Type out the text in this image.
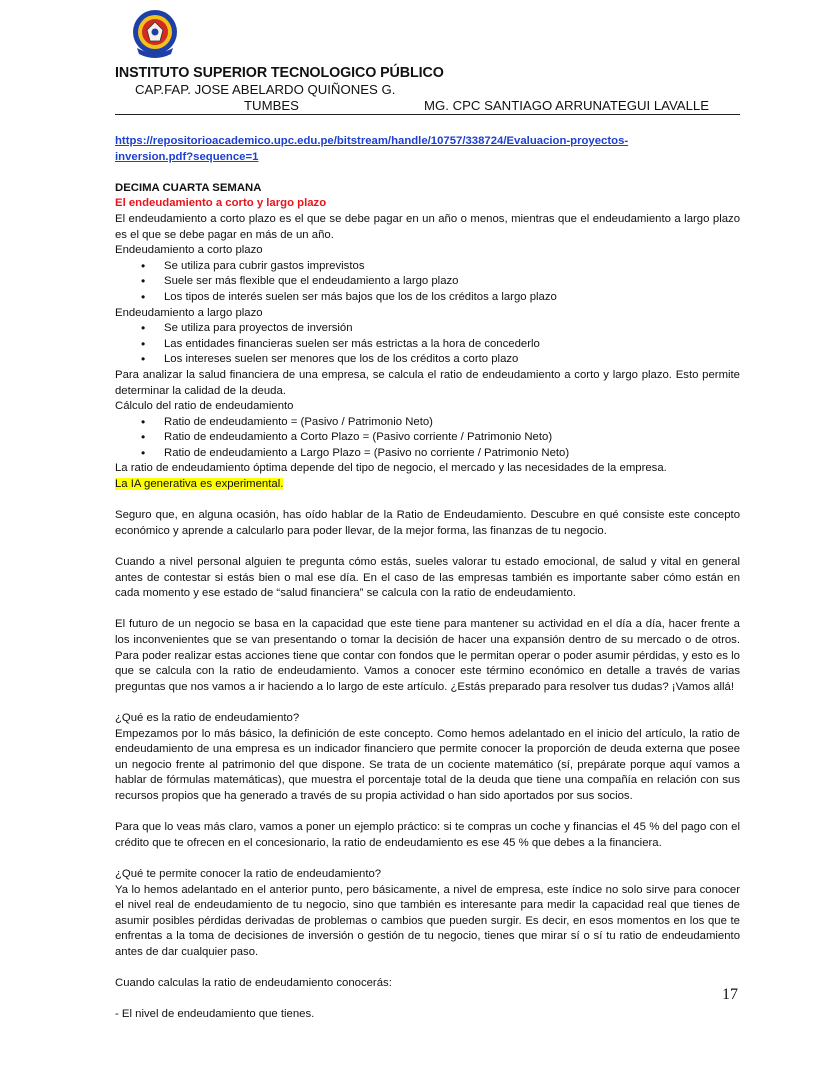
INSTITUTO SUPERIOR TECNOLOGICO PÚBLICO
CAP.FAP. JOSE ABELARDO QUIÑONES G.
TUMBES	MG. CPC SANTIAGO ARRUNATEGUI LAVALLE
https://repositorioacademico.upc.edu.pe/bitstream/handle/10757/338724/Evaluacion-proyectos-
inversion.pdf?sequence=1

DECIMA CUARTA SEMANA

El endeudamiento a corto y largo plazo

El endeudamiento a corto plazo es el que se debe pagar en un año o menos, mientras que el endeudamiento a largo plazo es el que se debe pagar en más de un año.

Endeudamiento a corto plazo

• Se utiliza para cubrir gastos imprevistos
• Suele ser más flexible que el endeudamiento a largo plazo
• Los tipos de interés suelen ser más bajos que los de los créditos a largo plazo

Endeudamiento a largo plazo

• Se utiliza para proyectos de inversión
• Las entidades financieras suelen ser más estrictas a la hora de concederlo
• Los intereses suelen ser menores que los de los créditos a corto plazo

Para analizar la salud financiera de una empresa, se calcula el ratio de endeudamiento a corto y largo plazo. Esto permite determinar la calidad de la deuda.

Cálculo del ratio de endeudamiento

• Ratio de endeudamiento = (Pasivo / Patrimonio Neto)
• Ratio de endeudamiento a Corto Plazo = (Pasivo corriente / Patrimonio Neto)
• Ratio de endeudamiento a Largo Plazo = (Pasivo no corriente / Patrimonio Neto)

La ratio de endeudamiento óptima depende del tipo de negocio, el mercado y las necesidades de la empresa.

La IA generativa es experimental.

Seguro que, en alguna ocasión, has oído hablar de la Ratio de Endeudamiento. Descubre en qué consiste este concepto económico y aprende a calcularlo para poder llevar, de la mejor forma, las finanzas de tu negocio.

Cuando a nivel personal alguien te pregunta cómo estás, sueles valorar tu estado emocional, de salud y vital en general antes de contestar si estás bien o mal ese día. En el caso de las empresas también es importante saber cómo están en cada momento y ese estado de “salud financiera” se calcula con la ratio de endeudamiento.

El futuro de un negocio se basa en la capacidad que este tiene para mantener su actividad en el día a día, hacer frente a los inconvenientes que se van presentando o tomar la decisión de hacer una expansión dentro de su mercado o de otros. Para poder realizar estas acciones tiene que contar con fondos que le permitan operar o poder asumir pérdidas, y esto es lo que se calcula con la ratio de endeudamiento. Vamos a conocer este término económico en detalle a través de varias preguntas que nos vamos a ir haciendo a lo largo de este artículo. ¿Estás preparado para resolver tus dudas? ¡Vamos allá!

¿Qué es la ratio de endeudamiento?

Empezamos por lo más básico, la definición de este concepto. Como hemos adelantado en el inicio del artículo, la ratio de endeudamiento de una empresa es un indicador financiero que permite conocer la proporción de deuda externa que posee un negocio frente al patrimonio del que dispone. Se trata de un cociente matemático (sí, prepárate porque aquí vamos a hablar de fórmulas matemáticas), que muestra el porcentaje total de la deuda que tiene una compañía en relación con sus recursos propios que ha generado a través de su propia actividad o han sido aportados por sus socios.

Para que lo veas más claro, vamos a poner un ejemplo práctico: si te compras un coche y financias el 45 % del pago con el crédito que te ofrecen en el concesionario, la ratio de endeudamiento es ese 45 % que debes a la financiera.

¿Qué te permite conocer la ratio de endeudamiento?

Ya lo hemos adelantado en el anterior punto, pero básicamente, a nivel de empresa, este índice no solo sirve para conocer el nivel real de endeudamiento de tu negocio, sino que también es interesante para medir la capacidad real que tienes de asumir posibles pérdidas derivadas de problemas o cambios que pueden surgir. Es decir, en esos momentos en los que te enfrentas a la toma de decisiones de inversión o gestión de tu negocio, tienes que mirar sí o sí tu ratio de endeudamiento antes de dar cualquier paso.

Cuando calculas la ratio de endeudamiento conocerás:

- El nivel de endeudamiento que tienes.

17
